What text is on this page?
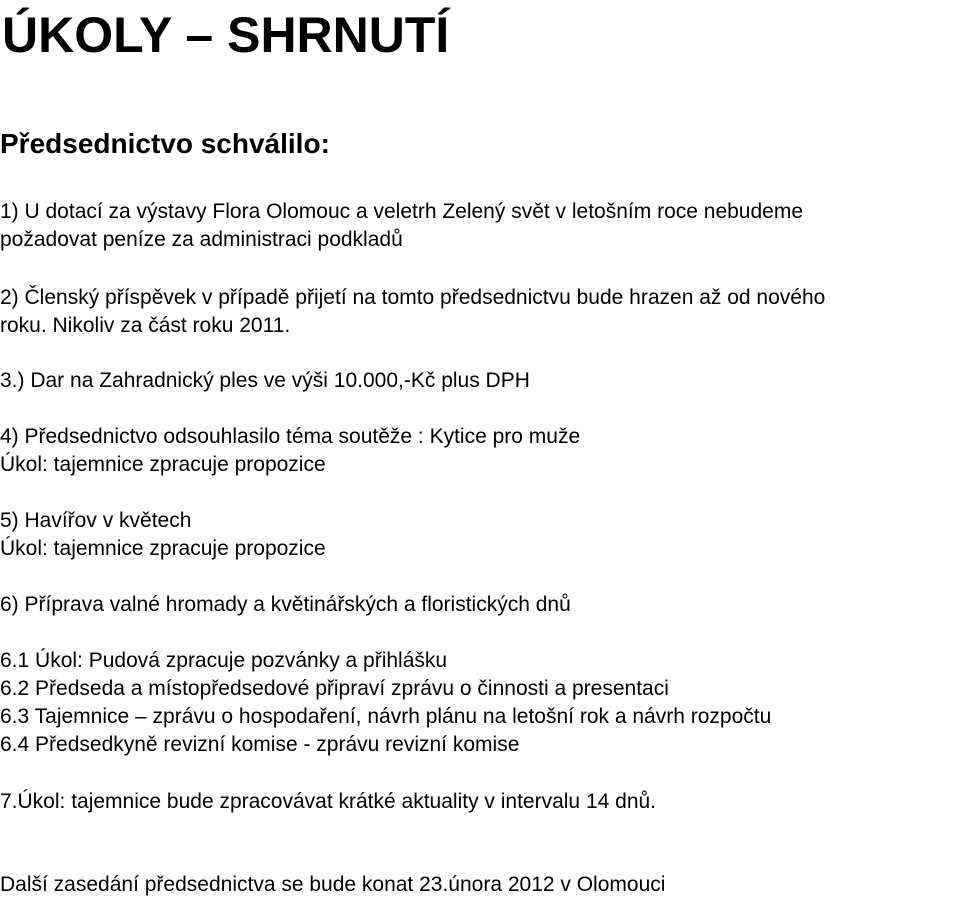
ÚKOLY – SHRNUTÍ
Předsednictvo schválilo:

1) U dotací za výstavy Flora Olomouc a veletrh Zelený svět v letošním roce nebudeme

požadovat peníze za administraci podkladů

2) Členský příspěvek v případě přijetí na tomto předsednictvu bude hrazen až od nového

roku. Nikoliv za část roku 2011.

3.) Dar na Zahradnický ples ve výši 10.000,-Kč plus DPH

4) Předsednictvo odsouhlasilo téma soutěže : Kytice pro muže

Úkol: tajemnice zpracuje propozice

5) Havířov v květech

Úkol: tajemnice zpracuje propozice

6) Příprava valné hromady a květinářských a floristických dnů

6.1 Úkol: Pudová zpracuje pozvánky a přihlášku

6.2 Předseda a místopředsedové připraví zprávu o činnosti a presentaci

6.3 Tajemnice – zprávu o hospodaření, návrh plánu na letošní rok a návrh rozpočtu

6.4 Předsedkyně revizní komise - zprávu revizní komise

7.Úkol: tajemnice bude zpracovávat krátké aktuality v intervalu 14 dnů.

Další zasedání předsednictva se bude konat 23.února 2012 v Olomouci
